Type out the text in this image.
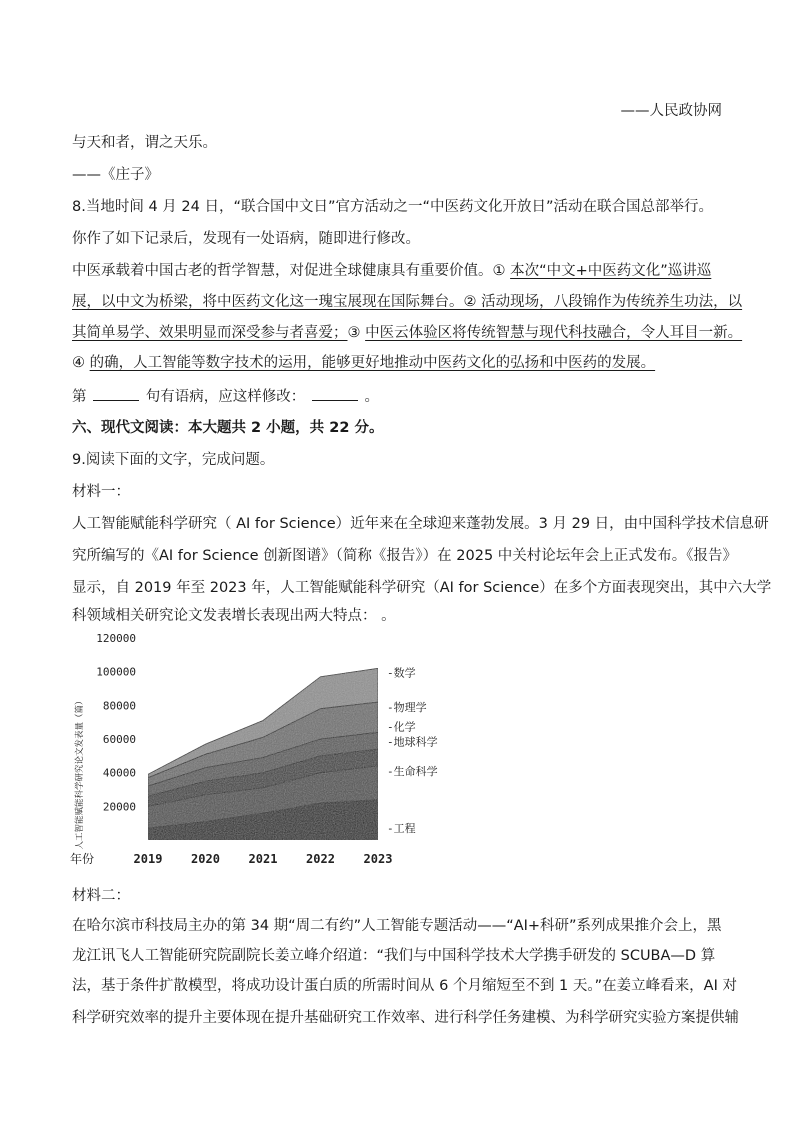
——人民政协网
与天和者，谓之天乐。
——《庄子》
8.当地时间 4 月 24 日，“联合国中文日”官方活动之一“中医药文化开放日”活动在联合国总部举行。
你作了如下记录后，发现有一处语病，随即进行修改。
中医承载着中国古老的哲学智慧，对促进全球健康具有重要价值。① 本次“中文+中医药文化”巡讲巡
展，以中文为桥梁，将中医药文化这一瑰宝展现在国际舞台。② 活动现场，八段锦作为传统养生功法，以
其简单易学、效果明显而深受参与者喜爱；③ 中医云体验区将传统智慧与现代科技融合，令人耳目一新。
④ 的确，人工智能等数字技术的运用，能够更好地推动中医药文化的弘扬和中医药的发展。
第	句有语病，应这样修改：	。
六、现代文阅读：本大题共 2 小题，共 22 分。
9.阅读下面的文字，完成问题。
材料一：
人工智能赋能科学研究（ AI for Science）近年来在全球迎来蓬勃发展。3 月 29 日，由中国科学技术信息研
究所编写的《AI for Science 创新图谱》（简称《报告》）在 2025 中关村论坛年会上正式发布。《报告》
显示，自 2019 年至 2023 年，人工智能赋能科学研究（AI for Science）在多个方面表现突出，其中六大学
科领域相关研究论文发表增长表现出两大特点： 。
20000
40000
60000
80000
100000
120000
2019 2020 2021 2022 2023
-工程
-生命科学
-地球科学
-化学
-物理学
-数学
人工智能赋能科学研究论文发表量（篇）
年份
材料二：
在哈尔滨市科技局主办的第 34 期“周二有约”人工智能专题活动——“AI+科研”系列成果推介会上，黑
龙江讯飞人工智能研究院副院长姜立峰介绍道：“我们与中国科学技术大学携手研发的 SCUBA—D 算
法，基于条件扩散模型，将成功设计蛋白质的所需时间从 6 个月缩短至不到 1 天。”在姜立峰看来，AI 对
科学研究效率的提升主要体现在提升基础研究工作效率、进行科学任务建模、为科学研究实验方案提供辅
